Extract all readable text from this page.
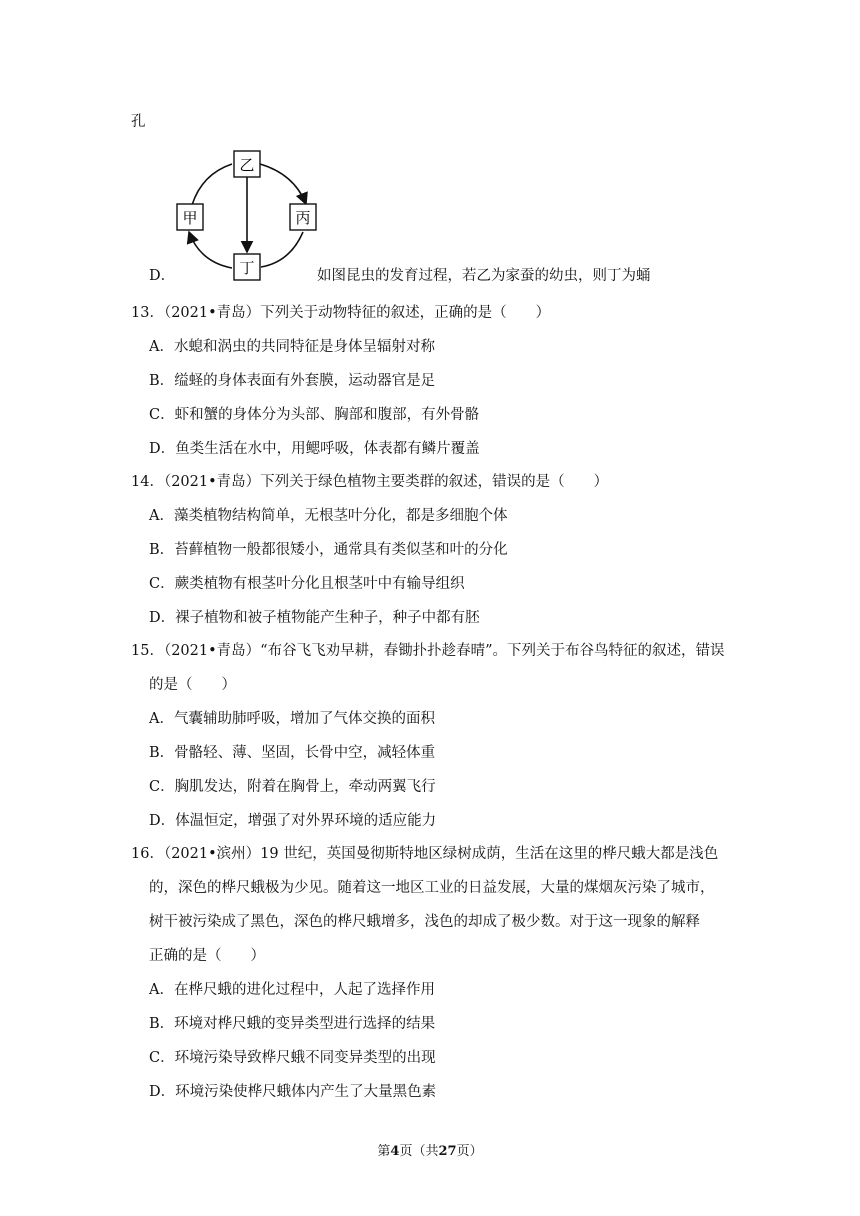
孔
D．
乙
甲	丙
丁	如图昆虫的发育过程，若乙为家蚕的幼虫，则丁为蛹
13．（2021•青岛）下列关于动物特征的叙述，正确的是（　　）
A．水螅和涡虫的共同特征是身体呈辐射对称
B．缢蛏的身体表面有外套膜，运动器官是足
C．虾和蟹的身体分为头部、胸部和腹部，有外骨骼
D．鱼类生活在水中，用鳃呼吸，体表都有鳞片覆盖
14．（2021•青岛）下列关于绿色植物主要类群的叙述，错误的是（　　）
A．藻类植物结构简单，无根茎叶分化，都是多细胞个体
B．苔藓植物一般都很矮小，通常具有类似茎和叶的分化
C．蕨类植物有根茎叶分化且根茎叶中有输导组织
D．裸子植物和被子植物能产生种子，种子中都有胚
15．（2021•青岛）“布谷飞飞劝早耕，春锄扑扑趁春晴”。下列关于布谷鸟特征的叙述，错误
的是（　　）
A．气囊辅助肺呼吸，增加了气体交换的面积
B．骨骼轻、薄、坚固，长骨中空，减轻体重
C．胸肌发达，附着在胸骨上，牵动两翼飞行
D．体温恒定，增强了对外界环境的适应能力
16．（2021•滨州）19 世纪，英国曼彻斯特地区绿树成荫，生活在这里的桦尺蛾大都是浅色
的，深色的桦尺蛾极为少见。随着这一地区工业的日益发展，大量的煤烟灰污染了城市，
树干被污染成了黑色，深色的桦尺蛾增多，浅色的却成了极少数。对于这一现象的解释
正确的是（　　）
A．在桦尺蛾的进化过程中，人起了选择作用
B．环境对桦尺蛾的变异类型进行选择的结果
C．环境污染导致桦尺蛾不同变异类型的出现
D．环境污染使桦尺蛾体内产生了大量黑色素
第4页（共27页）
